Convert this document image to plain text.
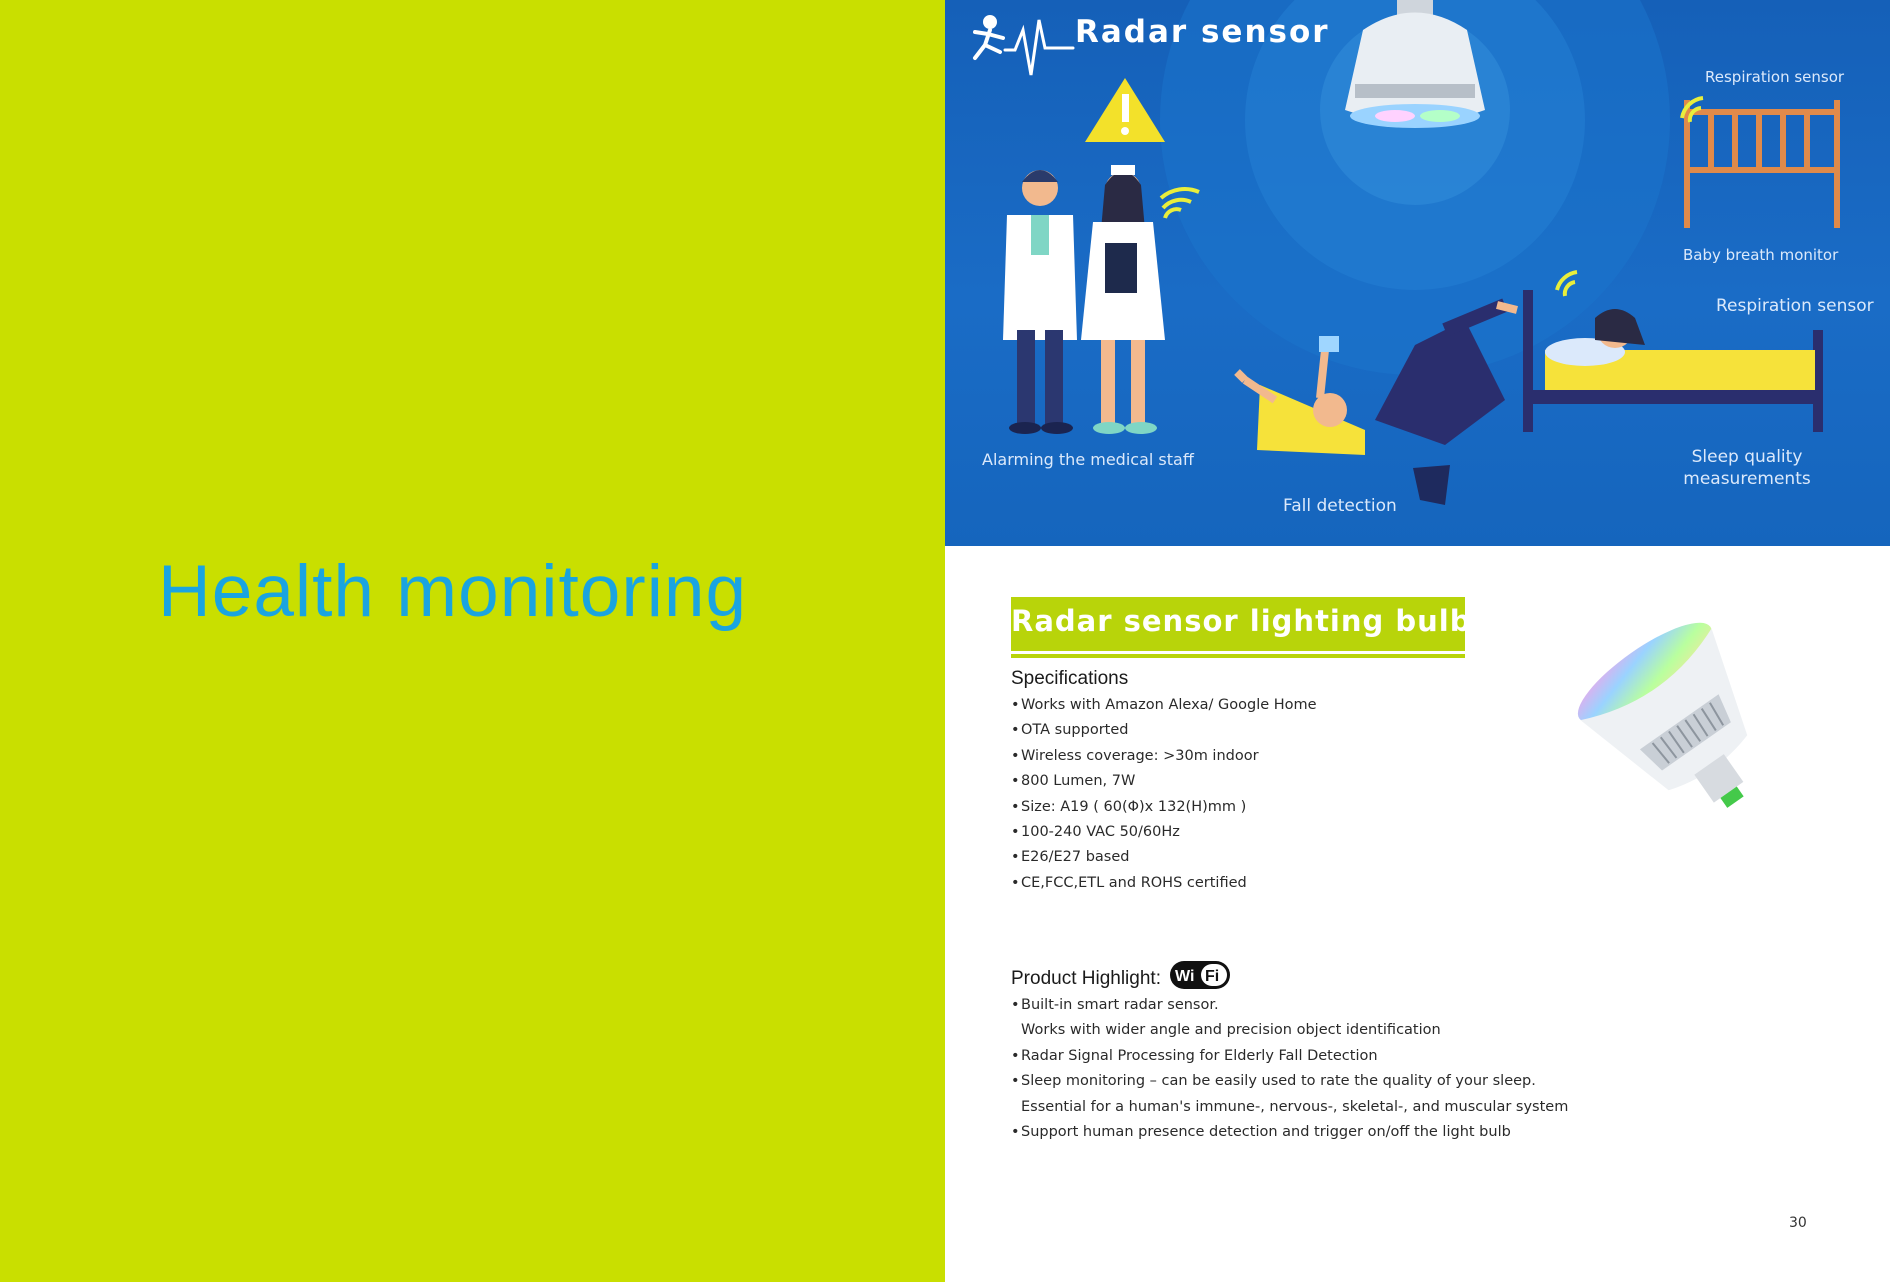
Health monitoring
Radar sensor
Respiration sensor
Baby breath monitor
Respiration sensor
Alarming the medical staff
Fall detection
Sleep quality
measurements
Radar sensor lighting bulb
Specifications
•Works with Amazon Alexa/ Google Home
•OTA supported
•Wireless coverage: >30m indoor
•800 Lumen, 7W
•Size: A19 ( 60(Φ)x 132(H)mm )
•100-240 VAC 50/60Hz
•E26/E27 based
•CE,FCC,ETL and ROHS certified
Product Highlight: Wi Fi
•Built-in smart radar sensor.
Works with wider angle and precision object identification
•Radar Signal Processing for Elderly Fall Detection
•Sleep monitoring – can be easily used to rate the quality of your sleep.
Essential for a human's immune-, nervous-, skeletal-, and muscular system
•Support human presence detection and trigger on/off the light bulb
30
